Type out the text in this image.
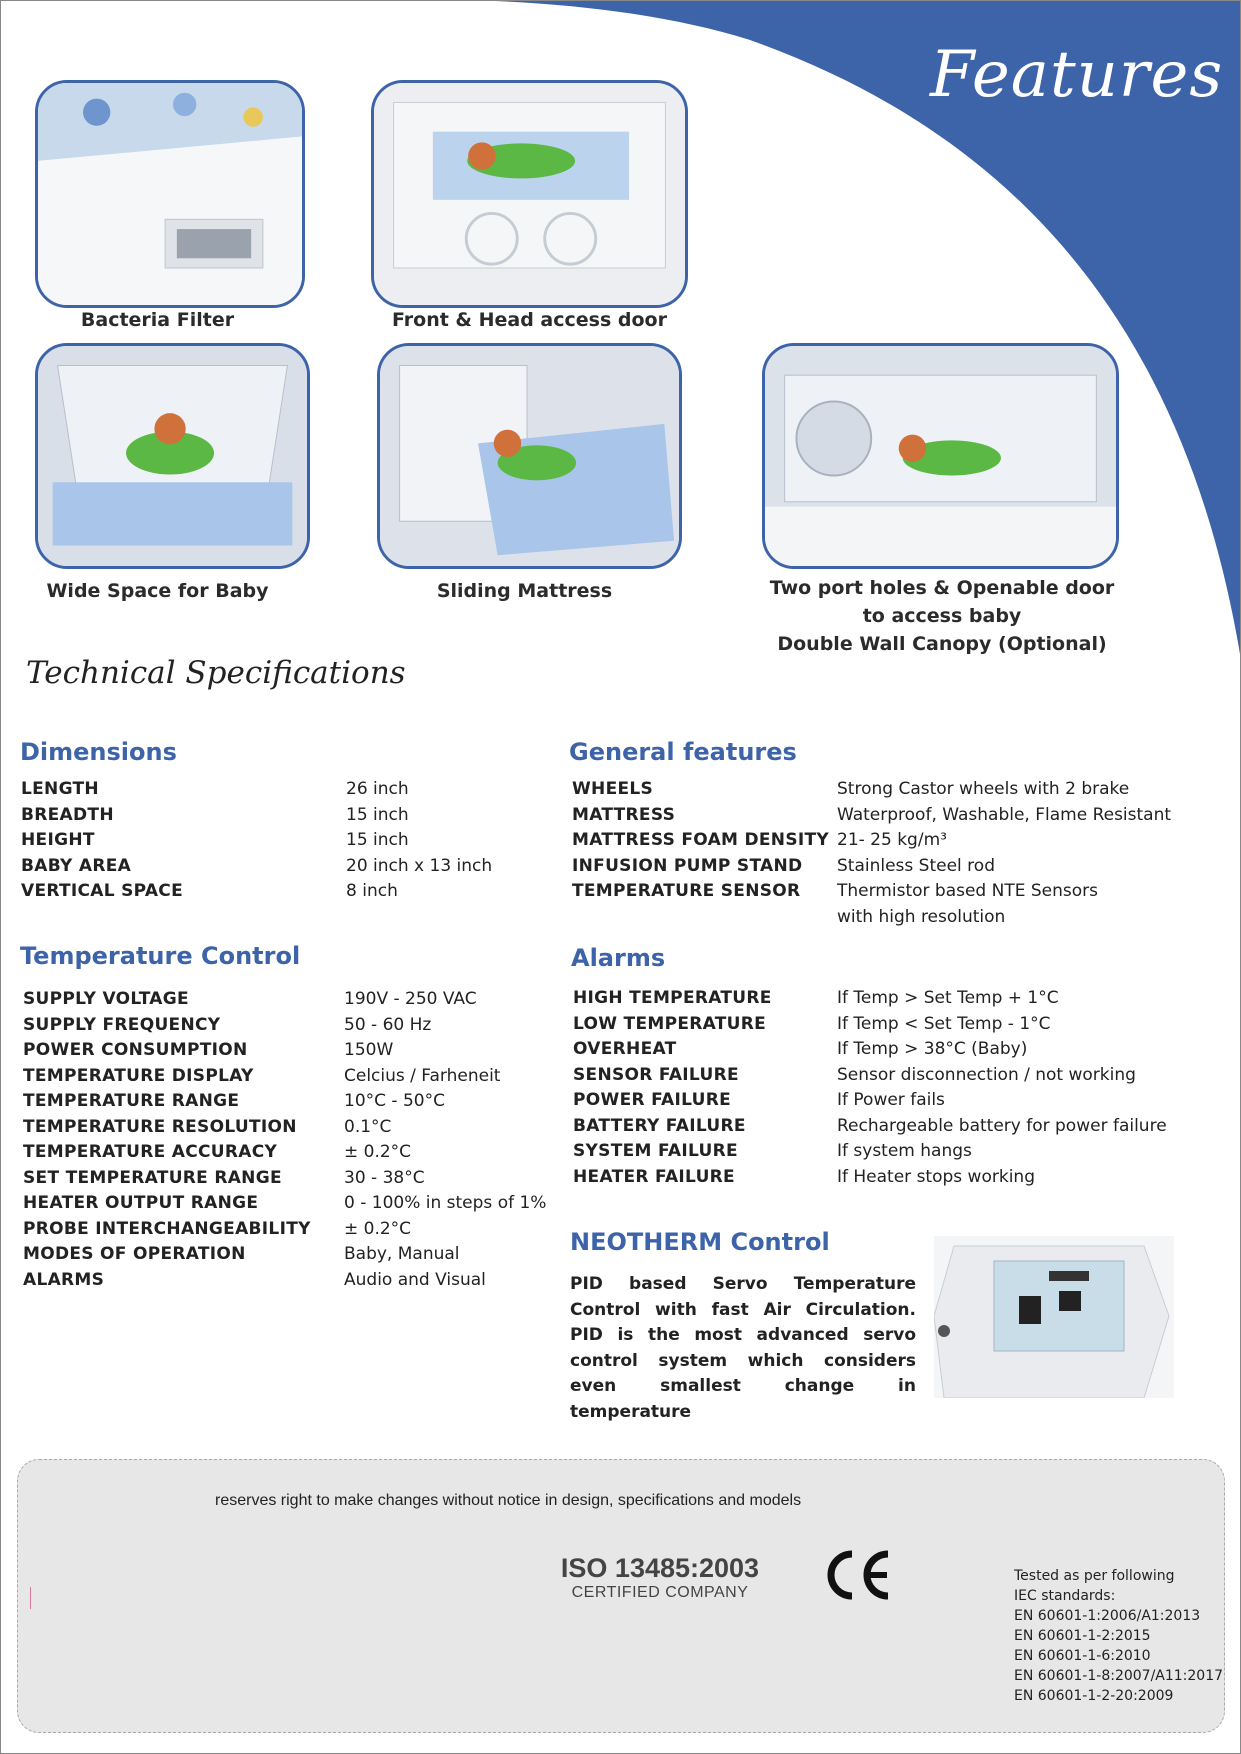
Features
Bacteria Filter	Front & Head access door
Wide Space for Baby	Sliding Mattress	Two port holes & Openable door
to access baby
Double Wall Canopy (Optional)
Technical Specifications
Dimensions
LENGTH	26 inch
BREADTH	15 inch
HEIGHT	15 inch
BABY AREA	20 inch x 13 inch
VERTICAL SPACE	8 inch
General features
WHEELS	Strong Castor wheels with 2 brake
MATTRESS	Waterproof, Washable, Flame Resistant
MATTRESS FOAM DENSITY 21- 25 kg/m³
INFUSION PUMP STAND	Stainless Steel rod
TEMPERATURE SENSOR	Thermistor based NTE Sensors
with high resolution
Temperature Control
SUPPLY VOLTAGE	190V - 250 VAC
SUPPLY FREQUENCY	50 - 60 Hz
POWER CONSUMPTION	150W
TEMPERATURE DISPLAY	Celcius / Farheneit
TEMPERATURE RANGE	10°C - 50°C
TEMPERATURE RESOLUTION	0.1°C
TEMPERATURE ACCURACY	± 0.2°C
SET TEMPERATURE RANGE	30 - 38°C
HEATER OUTPUT RANGE	0 - 100% in steps of 1%
PROBE INTERCHANGEABILITY	± 0.2°C
MODES OF OPERATION	Baby, Manual
ALARMS	Audio and Visual
Alarms
HIGH TEMPERATURE	If Temp > Set Temp + 1°C
LOW TEMPERATURE	If Temp < Set Temp - 1°C
OVERHEAT	If Temp > 38°C (Baby)
SENSOR FAILURE	Sensor disconnection / not working
POWER FAILURE	If Power fails
BATTERY FAILURE	Rechargeable battery for power failure
SYSTEM FAILURE	If system hangs
HEATER FAILURE	If Heater stops working
NEOTHERM Control
PID based Servo Temperature Control with fast Air Circulation. PID is the most advanced servo control system which considers even smallest change in temperature
reserves right to make changes without notice in design, specifications and models
ISO 13485:2003
CERTIFIED COMPANY
Tested as per following
IEC standards:
EN 60601-1:2006/A1:2013
EN 60601-1-2:2015
EN 60601-1-6:2010
EN 60601-1-8:2007/A11:2017
EN 60601-1-2-20:2009
